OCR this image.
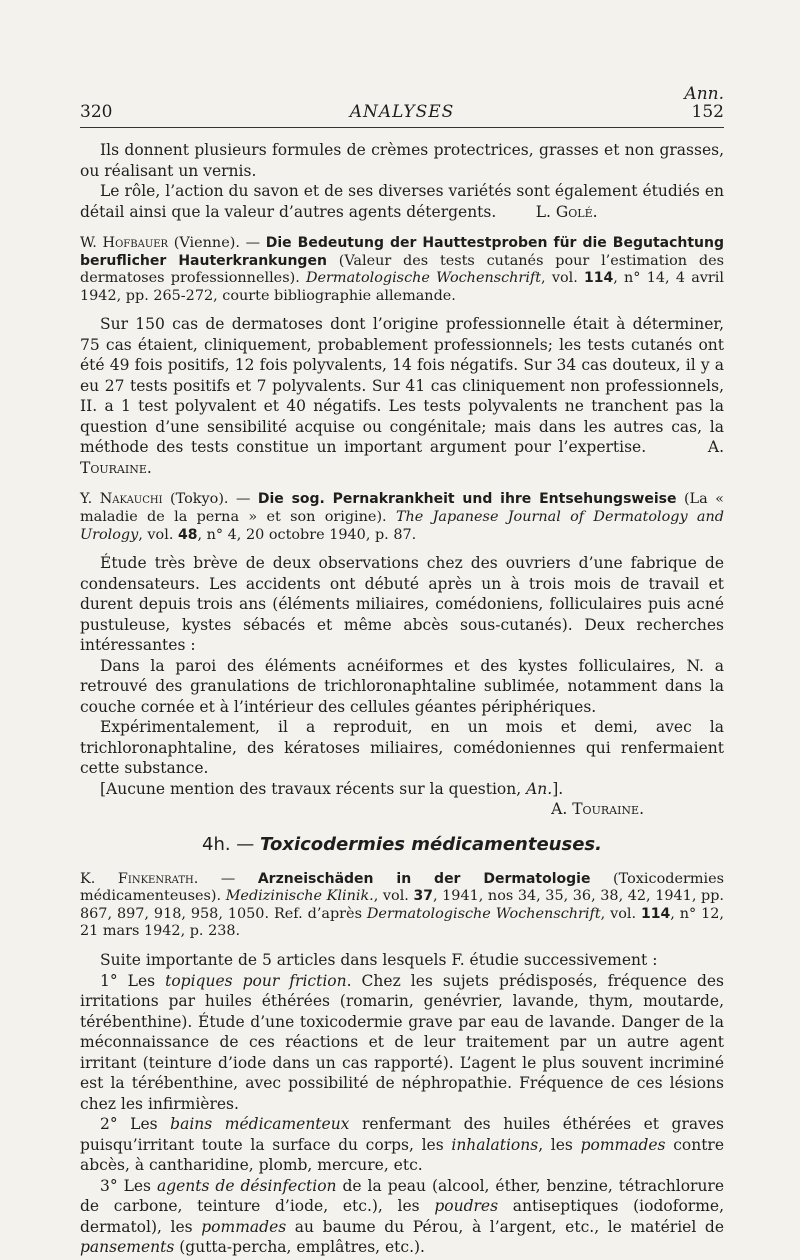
Ann.
320	ANALYSES	152

Ils donnent plusieurs formules de crèmes protectrices, grasses et non grasses, ou réalisant un vernis.

Le rôle, l’action du savon et de ses diverses variétés sont également étudiés en détail ainsi que la valeur d’autres agents détergents.	L. Golé.

W. Hofbauer (Vienne). — Die Bedeutung der Hauttestproben für die Begutachtung beruflicher Hauterkrankungen (Valeur des tests cutanés pour l’estimation des dermatoses professionnelles). Dermatologische Wochenschrift, vol. 114, n° 14, 4 avril 1942, pp. 265-272, courte bibliographie allemande.

Sur 150 cas de dermatoses dont l’origine professionnelle était à déterminer, 75 cas étaient, cliniquement, probablement professionnels; les tests cutanés ont été 49 fois positifs, 12 fois polyvalents, 14 fois négatifs. Sur 34 cas douteux, il y a eu 27 tests positifs et 7 polyvalents. Sur 41 cas cliniquement non professionnels, II. a 1 test polyvalent et 40 négatifs. Les tests polyvalents ne tranchent pas la question d’une sensibilité acquise ou congénitale; mais dans les autres cas, la méthode des tests constitue un important argument pour l’expertise.	A. Touraine.

Y. Nakauchi (Tokyo). — Die sog. Pernakrankheit und ihre Entsehungsweise (La « maladie de la perna » et son origine). The Japanese Journal of Dermatology and Urology, vol. 48, n° 4, 20 octobre 1940, p. 87.

Étude très brève de deux observations chez des ouvriers d’une fabrique de condensateurs. Les accidents ont débuté après un à trois mois de travail et durent depuis trois ans (éléments miliaires, comédoniens, folliculaires puis acné pustuleuse, kystes sébacés et même abcès sous-cutanés). Deux recherches intéressantes :

Dans la paroi des éléments acnéiformes et des kystes folliculaires, N. a retrouvé des granulations de trichloronaphtaline sublimée, notamment dans la couche cornée et à l’intérieur des cellules géantes périphériques.

Expérimentalement, il a reproduit, en un mois et demi, avec la trichloronaphtaline, des kératoses miliaires, comédoniennes qui renfermaient cette substance.

[Aucune mention des travaux récents sur la question, An.].

A. Touraine.

4h. — Toxicodermies médicamenteuses.

K. Finkenrath. — Arzneischäden in der Dermatologie (Toxicodermies médicamenteuses). Medizinische Klinik., vol. 37, 1941, nos 34, 35, 36, 38, 42, 1941, pp. 867, 897, 918, 958, 1050. Ref. d’après Dermatologische Wochenschrift, vol. 114, n° 12, 21 mars 1942, p. 238.

Suite importante de 5 articles dans lesquels F. étudie successivement :

1° Les topiques pour friction. Chez les sujets prédisposés, fréquence des irritations par huiles éthérées (romarin, genévrier, lavande, thym, moutarde, térébenthine). Étude d’une toxicodermie grave par eau de lavande. Danger de la méconnaissance de ces réactions et de leur traitement par un autre agent irritant (teinture d’iode dans un cas rapporté). L’agent le plus souvent incriminé est la térébenthine, avec possibilité de néphropathie. Fréquence de ces lésions chez les infirmières.

2° Les bains médicamenteux renfermant des huiles éthérées et graves puisqu’irritant toute la surface du corps, les inhalations, les pommades contre abcès, à cantharidine, plomb, mercure, etc.

3° Les agents de désinfection de la peau (alcool, éther, benzine, tétrachlorure de carbone, teinture d’iode, etc.), les poudres antiseptiques (iodoforme, dermatol), les pommades au baume du Pérou, à l’argent, etc., le matériel de pansements (gutta-percha, emplâtres, etc.).
